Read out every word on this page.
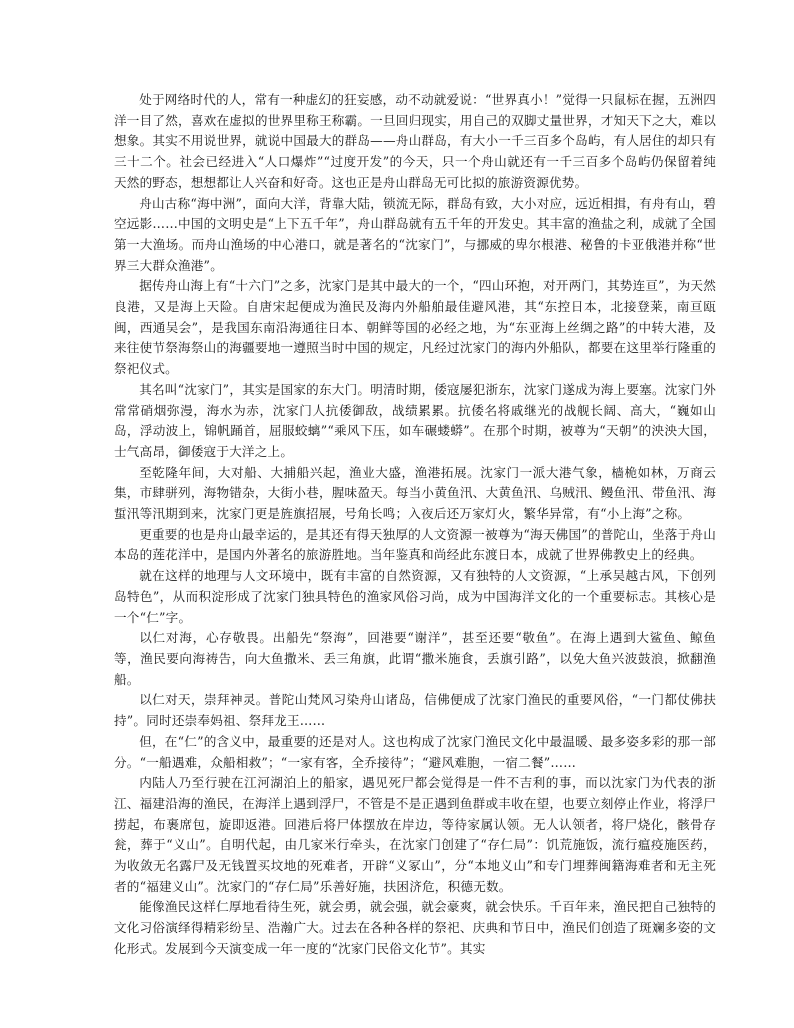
处于网络时代的人，常有一种虚幻的狂妄感，动不动就爱说：“世界真小！”觉得一只鼠标在握，五洲四洋一目了然，喜欢在虚拟的世界里称王称霸。一旦回归现实，用自己的双脚丈量世界，才知天下之大，难以想象。其实不用说世界，就说中国最大的群岛——舟山群岛，有大小一千三百多个岛屿，有人居住的却只有三十二个。社会已经进入“人口爆炸”“过度开发”的今天，只一个舟山就还有一千三百多个岛屿仍保留着纯天然的野态，想想都让人兴奋和好奇。这也正是舟山群岛无可比拟的旅游资源优势。

舟山古称“海中洲”，面向大洋，背靠大陆，锁流无际，群岛有致，大小对应，远近相揖，有舟有山，碧空远影……中国的文明史是“上下五千年”，舟山群岛就有五千年的开发史。其丰富的渔盐之利，成就了全国第一大渔场。而舟山渔场的中心港口，就是著名的“沈家门”，与挪威的卑尔根港、秘鲁的卡亚俄港并称“世界三大群众渔港”。

据传舟山海上有“十六门”之多，沈家门是其中最大的一个，“四山环抱，对开两门，其势连亘”，为天然良港，又是海上天险。自唐宋起便成为渔民及海内外船舶最佳避风港，其“东控日本，北接登莱，南亘瓯闽，西通吴会”，是我国东南沿海通往日本、朝鲜等国的必经之地，为“东亚海上丝绸之路”的中转大港，及来往使节祭海祭山的海疆要地一遵照当时中国的规定，凡经过沈家门的海内外船队，都要在这里举行隆重的祭祀仪式。

其名叫“沈家门”，其实是国家的东大门。明清时期，倭寇屡犯浙东，沈家门遂成为海上要塞。沈家门外常常硝烟弥漫，海水为赤，沈家门人抗倭御敌，战绩累累。抗倭名将戚继光的战舰长阔、高大，“巍如山岛，浮动波上，锦帆踊首，屈服蛟螭”“乘风下压，如车碾蝼蟒”。在那个时期，被尊为“天朝”的泱泱大国，士气高昂，御倭寇于大洋之上。

至乾隆年间，大对船、大捕船兴起，渔业大盛，渔港拓展。沈家门一派大港气象，樯桅如林，万商云集，市肆骈列，海物错杂，大街小巷，腥味盈天。每当小黄鱼汛、大黄鱼汛、乌贼汛、鳗鱼汛、带鱼汛、海蜇汛等汛期到来，沈家门更是旌旗招展，号角长鸣；入夜后还万家灯火，繁华异常，有“小上海”之称。

更重要的也是舟山最幸运的，是其还有得天独厚的人文资源一被尊为“海天佛国”的普陀山，坐落于舟山本岛的莲花洋中，是国内外著名的旅游胜地。当年鉴真和尚经此东渡日本，成就了世界佛教史上的经典。

就在这样的地理与人文环境中，既有丰富的自然资源，又有独特的人文资源，“上承吴越古风，下创列岛特色”，从而积淀形成了沈家门独具特色的渔家风俗习尚，成为中国海洋文化的一个重要标志。其核心是一个“仁”字。

以仁对海，心存敬畏。出船先“祭海”，回港要“谢洋”，甚至还要“敬鱼”。在海上遇到大鲨鱼、鲸鱼等，渔民要向海祷告，向大鱼撒米、丢三角旗，此谓“撒米施食，丢旗引路”，以免大鱼兴波鼓浪，掀翻渔船。

以仁对天，崇拜神灵。普陀山梵风习染舟山诸岛，信佛便成了沈家门渔民的重要风俗，“一门都仗佛扶持”。同时还崇奉妈祖、祭拜龙王……

但，在“仁”的含义中，最重要的还是对人。这也构成了沈家门渔民文化中最温暖、最多姿多彩的那一部分。“一船遇难，众船相救”；“一家有客，全乔接待”；“避风难胞，一宿二餐”……

内陆人乃至行驶在江河湖泊上的船家，遇见死尸都会觉得是一件不吉利的事，而以沈家门为代表的浙江、福建沿海的渔民，在海洋上遇到浮尸，不管是不是正遇到鱼群或丰收在望，也要立刻停止作业，将浮尸捞起，布裹席包，旋即返港。回港后将尸体摆放在岸边，等待家属认领。无人认领者，将尸烧化，骸骨存瓮，葬于“义山”。自明代起，由几家米行牵头，在沈家门创建了“存仁局”：饥荒施饭，流行瘟疫施医药，为收敛无名露尸及无钱置买坟地的死难者，开辟“义冢山”，分“本地义山”和专门埋葬闽籍海难者和无主死者的“福建义山”。沈家门的“存仁局”乐善好施，扶困济危，积德无数。

能像渔民这样仁厚地看待生死，就会勇，就会强，就会豪爽，就会快乐。千百年来，渔民把自己独特的文化习俗演绎得精彩纷呈、浩瀚广大。过去在各种各样的祭祀、庆典和节日中，渔民们创造了斑斓多姿的文化形式。发展到今天演变成一年一度的“沈家门民俗文化节”。其实
